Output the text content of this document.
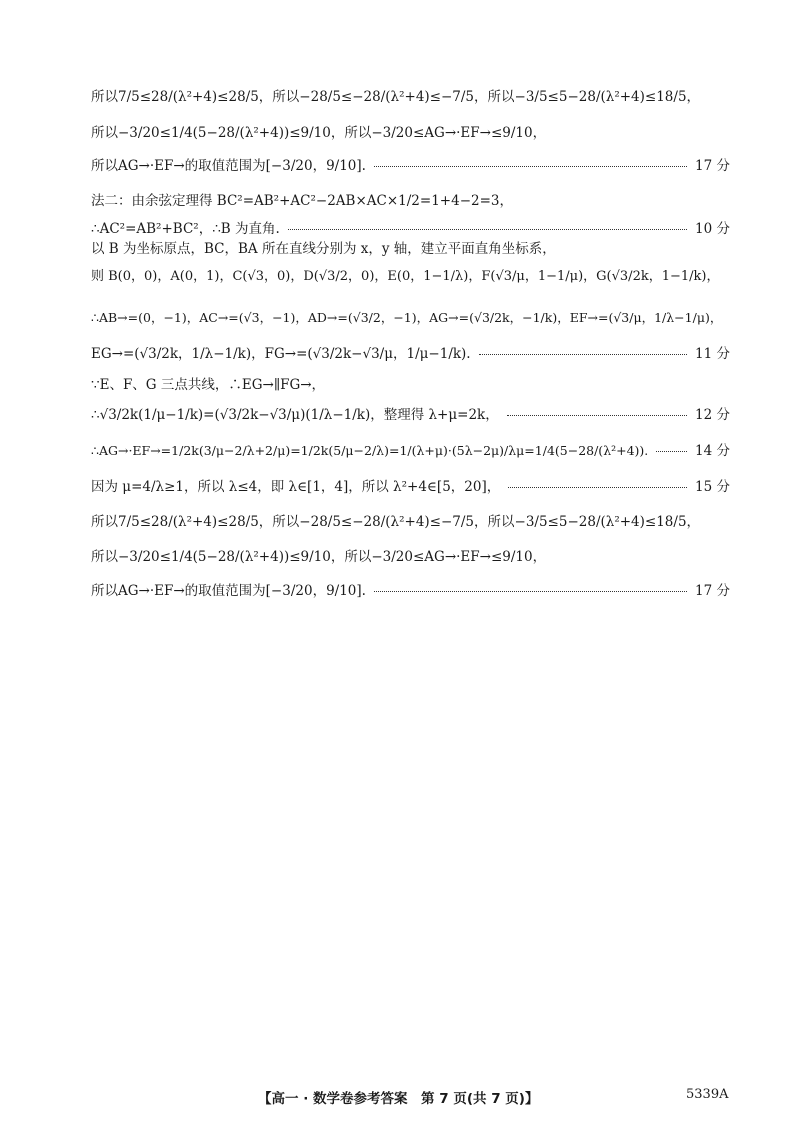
所以7/5≤28/(λ²+4)≤28/5，所以−28/5≤−28/(λ²+4)≤−7/5，所以−3/5≤5−28/(λ²+4)≤18/5，
所以−3/20≤1/4(5−28/(λ²+4))≤9/10，所以−3/20≤AG→·EF→≤9/10，
所以AG→·EF→的取值范围为[−3/20，9/10].	17 分
法二：由余弦定理得 BC²=AB²+AC²−2AB×AC×1/2=1+4−2=3，
∴AC²=AB²+BC²，∴B 为直角.	10 分
以 B 为坐标原点，BC，BA 所在直线分别为 x，y 轴，建立平面直角坐标系，
则 B(0，0)，A(0，1)，C(√3，0)，D(√3/2，0)，E(0，1−1/λ)，F(√3/μ，1−1/μ)，G(√3/2k，1−1/k)，
∴AB→=(0，−1)，AC→=(√3，−1)，AD→=(√3/2，−1)，AG→=(√3/2k，−1/k)，EF→=(√3/μ，1/λ−1/μ)，
EG→=(√3/2k，1/λ−1/k)，FG→=(√3/2k−√3/μ，1/μ−1/k).	11 分
∵E、F、G 三点共线，∴EG→∥FG→，
∴√3/2k(1/μ−1/k)=(√3/2k−√3/μ)(1/λ−1/k)，整理得 λ+μ=2k，	12 分
∴AG→·EF→=1/2k(3/μ−2/λ+2/μ)=1/2k(5/μ−2/λ)=1/(λ+μ)·(5λ−2μ)/λμ=1/4(5−28/(λ²+4)).	14 分
因为 μ=4/λ≥1，所以 λ≤4，即 λ∈[1，4]，所以 λ²+4∈[5，20]，	15 分
所以7/5≤28/(λ²+4)≤28/5，所以−28/5≤−28/(λ²+4)≤−7/5，所以−3/5≤5−28/(λ²+4)≤18/5，
所以−3/20≤1/4(5−28/(λ²+4))≤9/10，所以−3/20≤AG→·EF→≤9/10，
所以AG→·EF→的取值范围为[−3/20，9/10].	17 分
【高一 · 数学卷参考答案　第 7 页(共 7 页)】	5339A
